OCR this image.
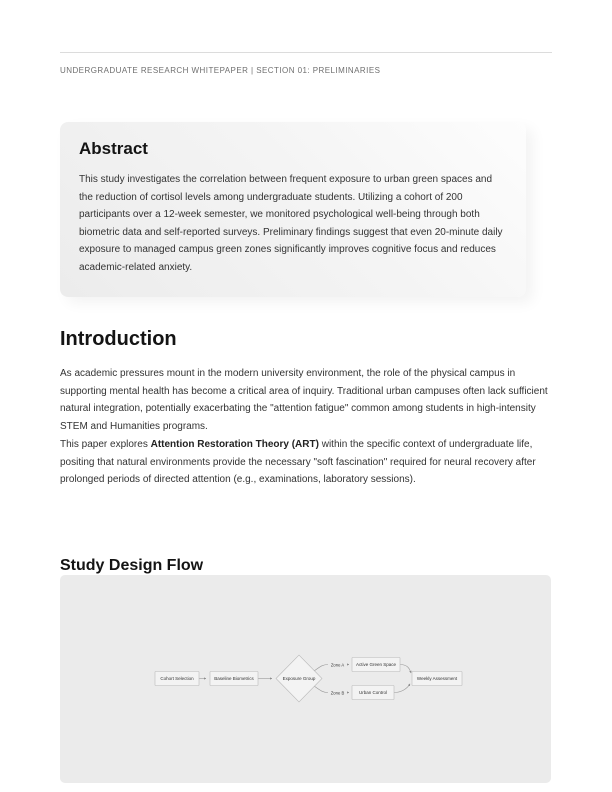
UNDERGRADUATE RESEARCH WHITEPAPER | SECTION 01: PRELIMINARIES
Abstract

This study investigates the correlation between frequent exposure to urban green spaces and the reduction of cortisol levels among undergraduate students. Utilizing a cohort of 200 participants over a 12-week semester, we monitored psychological well-being through both biometric data and self-reported surveys. Preliminary findings suggest that even 20-minute daily exposure to managed campus green zones significantly improves cognitive focus and reduces academic-related anxiety.

Introduction

As academic pressures mount in the modern university environment, the role of the physical campus in supporting mental health has become a critical area of inquiry. Traditional urban campuses often lack sufficient natural integration, potentially exacerbating the "attention fatigue" common among students in high-intensity STEM and Humanities programs.

This paper explores Attention Restoration Theory (ART) within the specific context of undergraduate life, positing that natural environments provide the necessary "soft fascination" required for neural recovery after prolonged periods of directed attention (e.g., examinations, laboratory sessions).

Study Design Flow
Zone A
Zone B
Cohort Selection	Baseline Biometrics	Exposure Group
Active Green Space
Urban Control
Weekly Assessment
